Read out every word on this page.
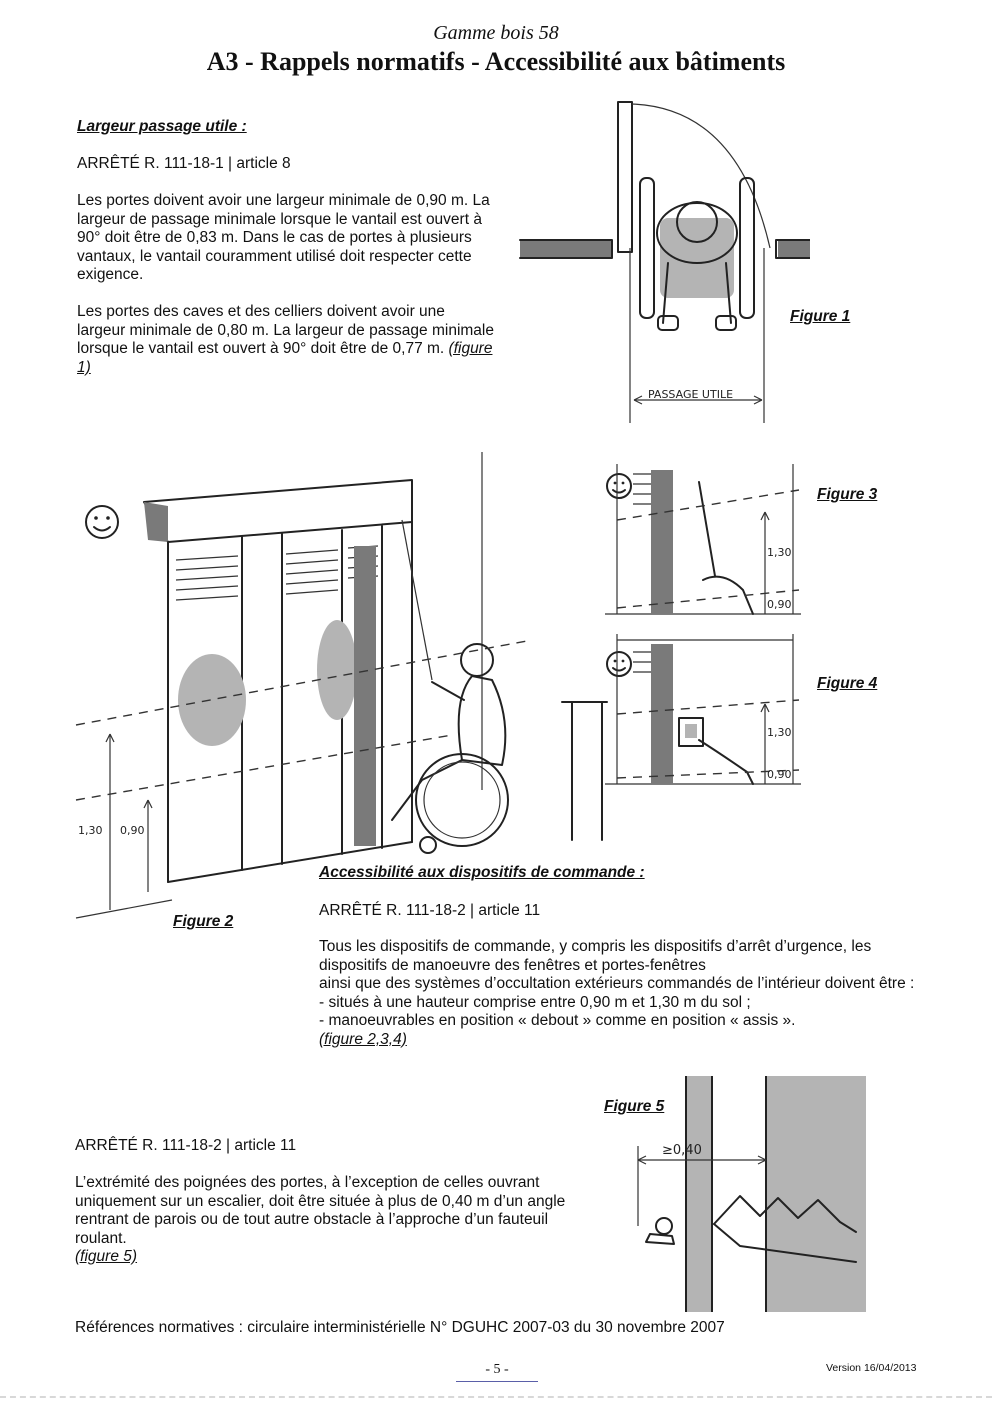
Gamme bois 58
A3 - Rappels normatifs - Accessibilité aux bâtiments
Largeur passage utile :
ARRÊTÉ R. 111-18-1 | article 8

Les portes doivent avoir une largeur minimale de 0,90 m. La largeur de passage minimale lorsque le vantail est ouvert à 90° doit être de 0,83 m. Dans le cas de portes à plusieurs vantaux, le vantail couramment utilisé doit respecter cette exigence.

Les portes des caves et des celliers doivent avoir une largeur minimale de 0,80 m. La largeur de passage minimale lorsque le vantail est ouvert à 90° doit être de 0,77 m. (figure 1)

PASSAGE UTILE
Figure 1
1,30 0,90
Figure 2
1,30
0,90
Figure 3
1,30
0,90
Figure 4
Accessibilité aux dispositifs de commande :
ARRÊTÉ R. 111-18-2 | article 11

Tous les dispositifs de commande, y compris les dispositifs d’arrêt d’urgence, les dispositifs de manoeuvre des fenêtres et portes-fenêtres

ainsi que des systèmes d’occultation extérieurs commandés de l’intérieur doivent être :

- situés à une hauteur comprise entre 0,90 m et 1,30 m du sol ;

- manoeuvrables en position « debout » comme en position « assis ».

(figure 2,3,4)

Figure 5
≥0,40
ARRÊTÉ R. 111-18-2 | article 11

L’extrémité des poignées des portes, à l’exception de celles ouvrant uniquement sur un escalier, doit être située à plus de 0,40 m d’un angle rentrant de parois ou de tout autre obstacle à l’approche d’un fauteuil roulant.

(figure 5)

Références normatives : circulaire interministérielle N° DGUHC 2007-03 du 30 novembre 2007
- 5 -	Version 16/04/2013
